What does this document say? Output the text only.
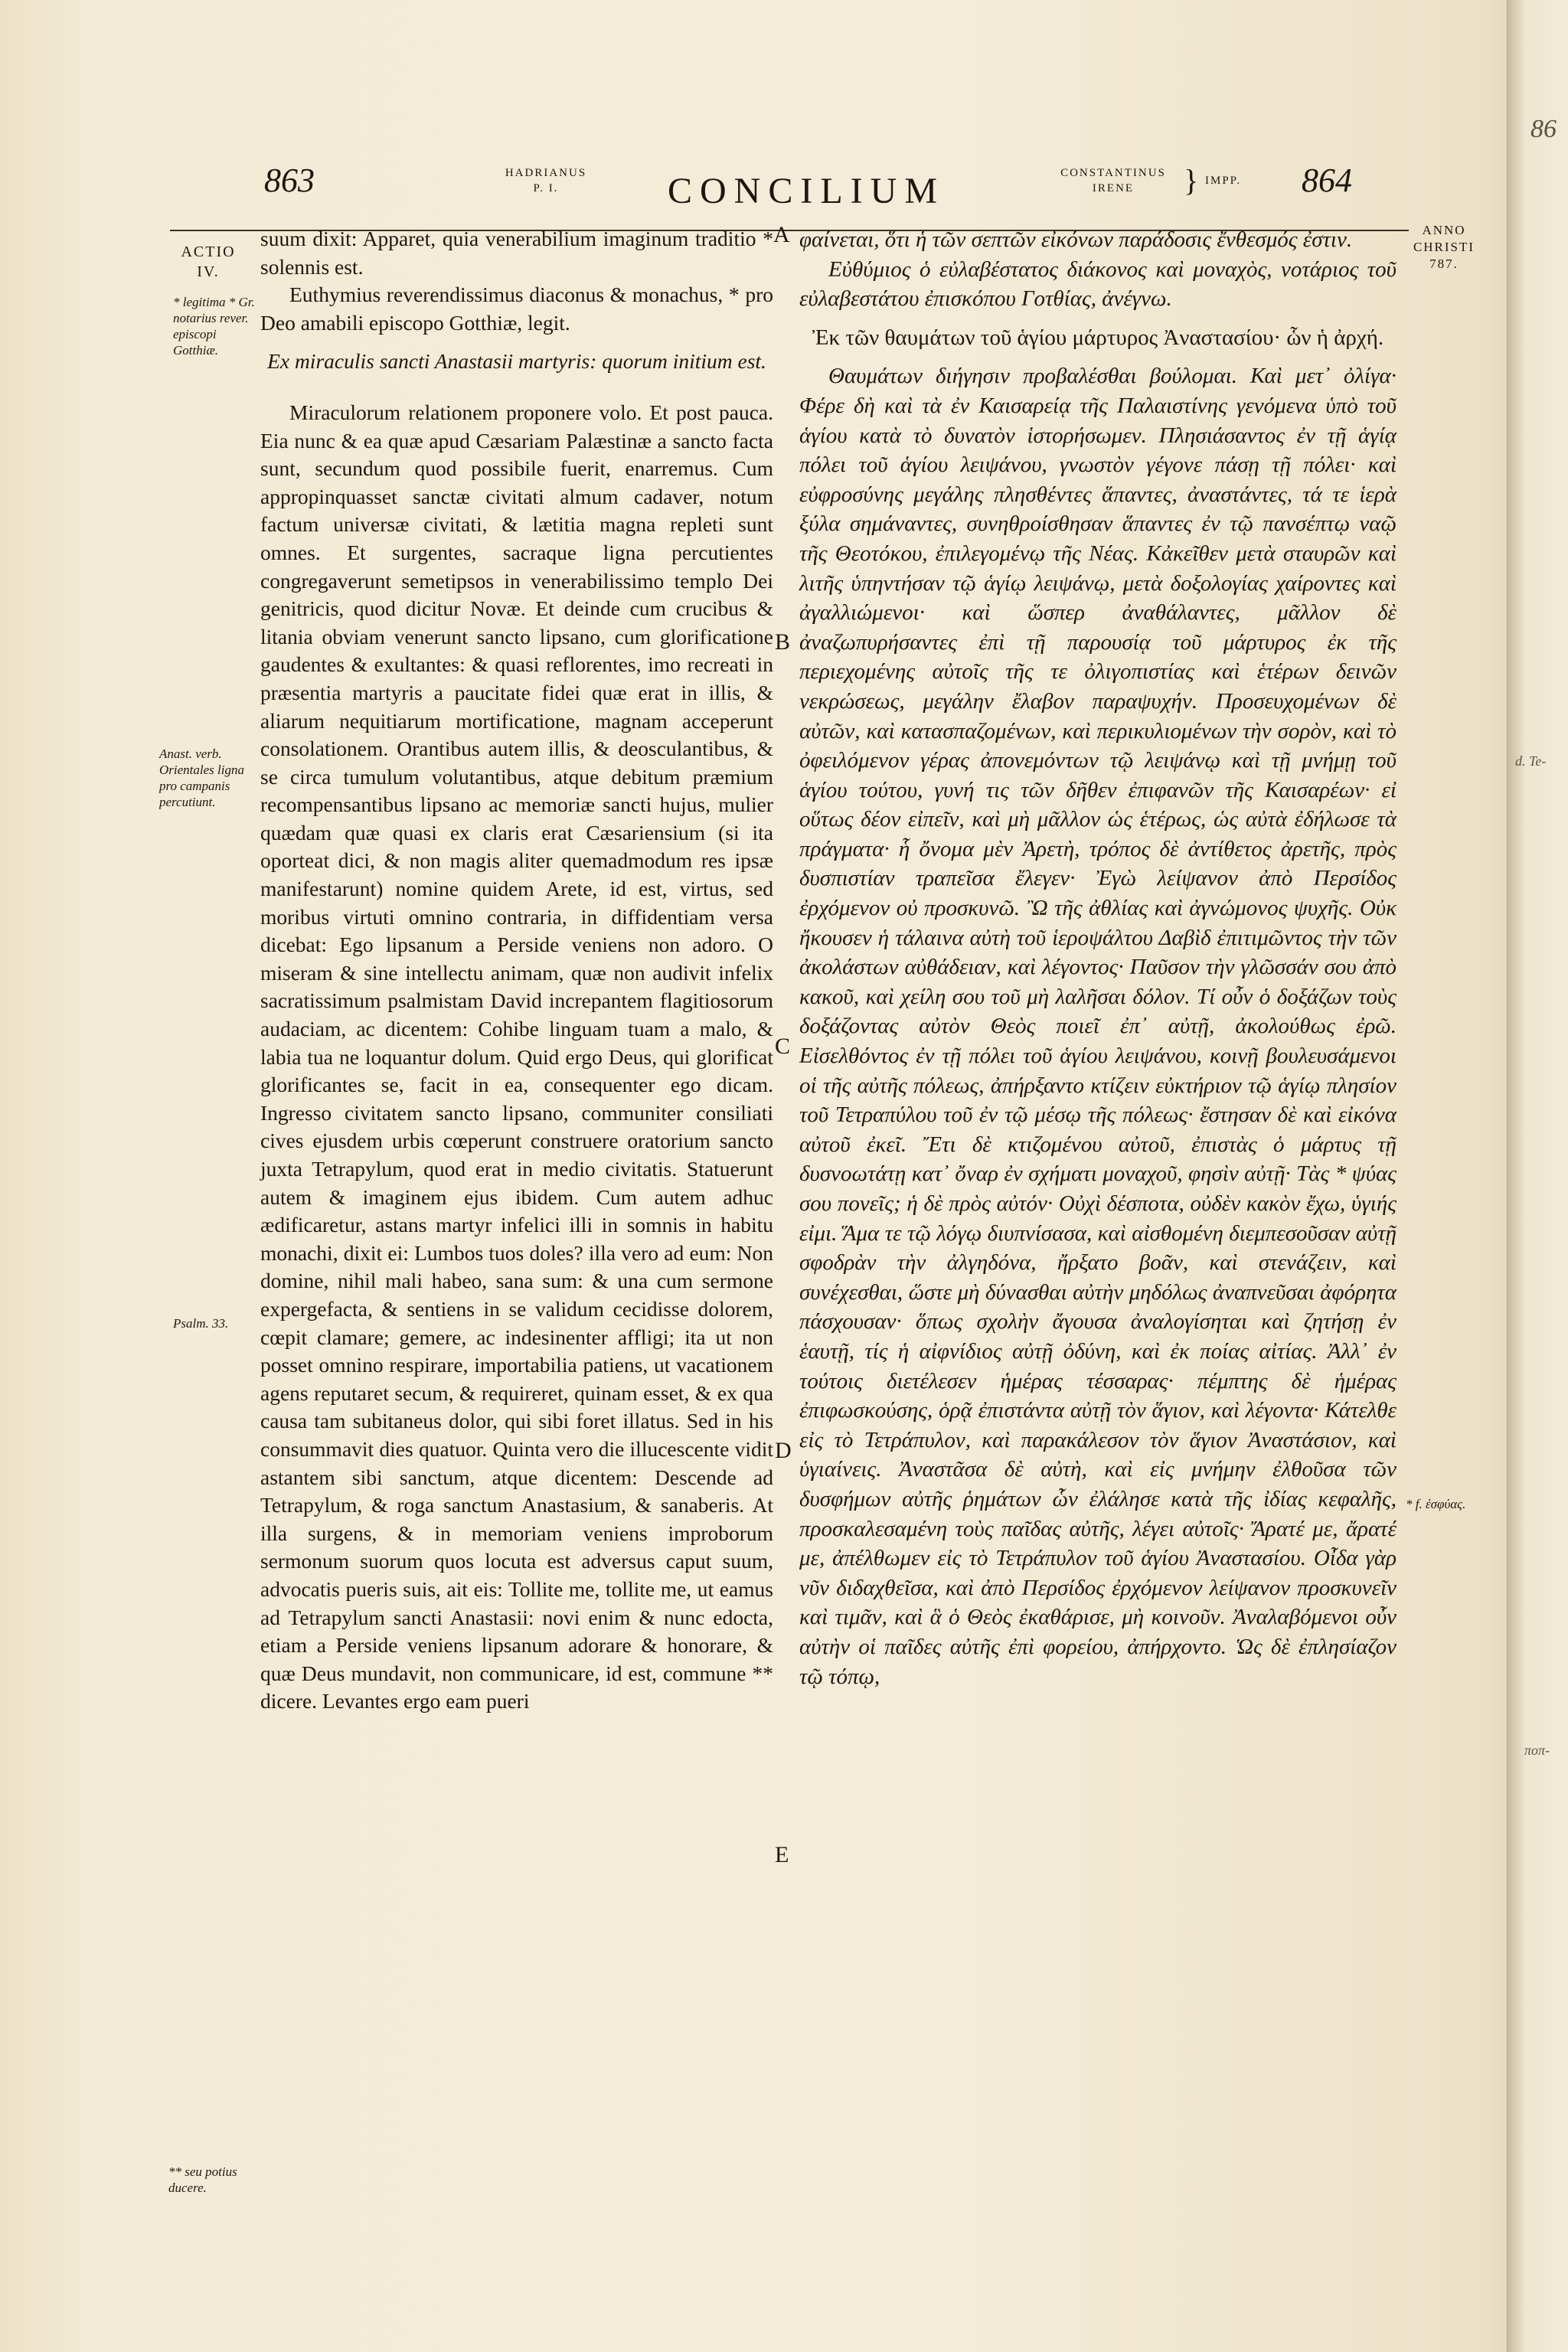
863	HADRIANUS
P. I.	CONCILIUM	CONSTANTINUS
IRENE	} IMPP. 864
ACTIO IV.
* legitima * Gr. notarius rever. episcopi Gotthiæ.
Anast. verb. Orientales ligna pro campanis percutiunt.
Psalm. 33.
** seu potius ducere.
A
B
C
D
E

suum dixit: Apparet, quia venerabilium imaginum traditio * solennis est.

Euthymius reverendissimus diaconus & monachus, * pro Deo amabili episcopo Gotthiæ, legit.

Ex miraculis sancti Anastasii martyris: quorum initium est.

Miraculorum relationem proponere volo. Et post pauca. Eia nunc & ea quæ apud Cæsariam Palæstinæ a sancto facta sunt, secundum quod possibile fuerit, enarremus. Cum appropinquasset sanctæ civitati almum cadaver, notum factum universæ civitati, & lætitia magna repleti sunt omnes. Et surgentes, sacraque ligna percutientes congregaverunt semetipsos in venerabilissimo templo Dei genitricis, quod dicitur Novæ. Et deinde cum crucibus & litania obviam venerunt sancto lipsano, cum glorificatione gaudentes & exultantes: & quasi reflorentes, imo recreati in præsentia martyris a paucitate fidei quæ erat in illis, & aliarum nequitiarum mortificatione, magnam acceperunt consolationem. Orantibus autem illis, & deosculantibus, & se circa tumulum volutantibus, atque debitum præmium recompensantibus lipsano ac memoriæ sancti hujus, mulier quædam quæ quasi ex claris erat Cæsariensium (si ita oporteat dici, & non magis aliter quemadmodum res ipsæ manifestarunt) nomine quidem Arete, id est, virtus, sed moribus virtuti omnino contraria, in diffidentiam versa dicebat: Ego lipsanum a Perside veniens non adoro. O miseram & sine intellectu animam, quæ non audivit infelix sacratissimum psalmistam David increpantem flagitiosorum audaciam, ac dicentem: Cohibe linguam tuam a malo, & labia tua ne loquantur dolum. Quid ergo Deus, qui glorificat glorificantes se, facit in ea, consequenter ego dicam. Ingresso civitatem sancto lipsano, communiter consiliati cives ejusdem urbis cœperunt construere oratorium sancto juxta Tetrapylum, quod erat in medio civitatis. Statuerunt autem & imaginem ejus ibidem. Cum autem adhuc ædificaretur, astans martyr infelici illi in somnis in habitu monachi, dixit ei: Lumbos tuos doles? illa vero ad eum: Non domine, nihil mali habeo, sana sum: & una cum sermone expergefacta, & sentiens in se validum cecidisse dolorem, cœpit clamare; gemere, ac indesinenter affligi; ita ut non posset omnino respirare, importabilia patiens, ut vacationem agens reputaret secum, & requireret, quinam esset, & ex qua causa tam subitaneus dolor, qui sibi foret illatus. Sed in his consummavit dies quatuor. Quinta vero die illucescente vidit astantem sibi sanctum, atque dicentem: Descende ad Tetrapylum, & roga sanctum Anastasium, & sanaberis. At illa surgens, & in memoriam veniens improborum sermonum suorum quos locuta est adversus caput suum, advocatis pueris suis, ait eis: Tollite me, tollite me, ut eamus ad Tetrapylum sancti Anastasii: novi enim & nunc edocta, etiam a Perside veniens lipsanum adorare & honorare, & quæ Deus mundavit, non communicare, id est, commune ** dicere. Levantes ergo eam pueri

φαίνεται, ὅτι ἡ τῶν σεπτῶν εἰκόνων παράδοσις ἔνθεσμός ἐστιν.

Εὐθύμιος ὁ εὐλαβέστατος διάκονος καὶ μοναχὸς, νοτάριος τοῦ εὐλαβεστάτου ἐπισκόπου Γοτθίας, ἀνέγνω.

Ἐκ τῶν θαυμάτων τοῦ ἁγίου μάρτυρος Ἀναστασίου· ὧν ἡ ἀρχή.

Θαυμάτων διήγησιν προβαλέσθαι βούλομαι. Καὶ μετ᾿ ὀλίγα· Φέρε δὴ καὶ τὰ ἐν Καισαρείᾳ τῆς Παλαιστίνης γενόμενα ὑπὸ τοῦ ἁγίου κατὰ τὸ δυνατὸν ἱστορήσωμεν. Πλησιάσαντος ἐν τῇ ἁγίᾳ πόλει τοῦ ἁγίου λειψάνου, γνωστὸν γέγονε πάσῃ τῇ πόλει· καὶ εὐφροσύνης μεγάλης πλησθέντες ἅπαντες, ἀναστάντες, τά τε ἱερὰ ξύλα σημάναντες, συνηθροίσθησαν ἅπαντες ἐν τῷ πανσέπτῳ ναῷ τῆς Θεοτόκου, ἐπιλεγομένῳ τῆς Νέας. Κἀκεῖθεν μετὰ σταυρῶν καὶ λιτῆς ὑπηντήσαν τῷ ἁγίῳ λειψάνῳ, μετὰ δοξολογίας χαίροντες καὶ ἀγαλλιώμενοι· καὶ ὥσπερ ἀναθάλαντες, μᾶλλον δὲ ἀναζωπυρήσαντες ἐπὶ τῇ παρουσίᾳ τοῦ μάρτυρος ἐκ τῆς περιεχομένης αὐτοῖς τῆς τε ὀλιγοπιστίας καὶ ἑτέρων δεινῶν νεκρώσεως, μεγάλην ἔλαβον παραψυχήν. Προσευχομένων δὲ αὐτῶν, καὶ κατασπαζομένων, καὶ περικυλιομένων τὴν σορὸν, καὶ τὸ ὀφειλόμενον γέρας ἀπονεμόντων τῷ λειψάνῳ καὶ τῇ μνήμῃ τοῦ ἁγίου τούτου, γυνή τις τῶν δῆθεν ἐπιφανῶν τῆς Καισαρέων· εἰ οὕτως δέον εἰπεῖν, καὶ μὴ μᾶλλον ὡς ἑτέρως, ὡς αὐτὰ ἐδήλωσε τὰ πράγματα· ἧ ὄνομα μὲν Ἀρετὴ, τρόπος δὲ ἀντίθετος ἀρετῆς, πρὸς δυσπιστίαν τραπεῖσα ἔλεγεν· Ἐγὼ λείψανον ἀπὸ Περσίδος ἐρχόμενον οὐ προσκυνῶ. Ὢ τῆς ἀθλίας καὶ ἀγνώμονος ψυχῆς. Οὐκ ἤκουσεν ἡ τάλαινα αὐτὴ τοῦ ἱεροψάλτου Δαβὶδ ἐπιτιμῶντος τὴν τῶν ἀκολάστων αὐθάδειαν, καὶ λέγοντος· Παῦσον τὴν γλῶσσάν σου ἀπὸ κακοῦ, καὶ χείλη σου τοῦ μὴ λαλῆσαι δόλον. Τί οὖν ὁ δοξάζων τοὺς δοξάζοντας αὐτὸν Θεὸς ποιεῖ ἐπ᾿ αὐτῇ, ἀκολούθως ἐρῶ. Εἰσελθόντος ἐν τῇ πόλει τοῦ ἁγίου λειψάνου, κοινῇ βουλευσάμενοι οἱ τῆς αὐτῆς πόλεως, ἀπήρξαντο κτίζειν εὐκτήριον τῷ ἁγίῳ πλησίον τοῦ Τετραπύλου τοῦ ἐν τῷ μέσῳ τῆς πόλεως· ἔστησαν δὲ καὶ εἰκόνα αὐτοῦ ἐκεῖ. Ἔτι δὲ κτιζομένου αὐτοῦ, ἐπιστὰς ὁ μάρτυς τῇ δυσνοωτάτῃ κατ᾿ ὄναρ ἐν σχήματι μοναχοῦ, φησὶν αὐτῇ· Τὰς * ψύας σου πονεῖς; ἡ δὲ πρὸς αὐτόν· Οὐχὶ δέσποτα, οὐδὲν κακὸν ἔχω, ὑγιής εἰμι. Ἅμα τε τῷ λόγῳ διυπνίσασα, καὶ αἰσθομένη διεμπεσοῦσαν αὐτῇ σφοδρὰν τὴν ἀλγηδόνα, ἤρξατο βοᾶν, καὶ στενάζειν, καὶ συνέχεσθαι, ὥστε μὴ δύνασθαι αὐτὴν μηδόλως ἀναπνεῦσαι ἀφόρητα πάσχουσαν· ὅπως σχολὴν ἄγουσα ἀναλογίσηται καὶ ζητήσῃ ἐν ἑαυτῇ, τίς ἡ αἰφνίδιος αὐτῇ ὀδύνη, καὶ ἐκ ποίας αἰτίας. Ἀλλ᾿ ἐν τούτοις διετέλεσεν ἡμέρας τέσσαρας· πέμπτης δὲ ἡμέρας ἐπιφωσκούσης, ὁρᾷ ἐπιστάντα αὐτῇ τὸν ἅγιον, καὶ λέγοντα· Κάτελθε εἰς τὸ Τετράπυλον, καὶ παρακάλεσον τὸν ἅγιον Ἀναστάσιον, καὶ ὑγιαίνεις. Ἀναστᾶσα δὲ αὐτὴ, καὶ εἰς μνήμην ἐλθοῦσα τῶν δυσφήμων αὐτῆς ῥημάτων ὧν ἐλάλησε κατὰ τῆς ἰδίας κεφαλῆς, προσκαλεσαμένη τοὺς παῖδας αὐτῆς, λέγει αὐτοῖς· Ἄρατέ με, ἄρατέ με, ἀπέλθωμεν εἰς τὸ Τετράπυλον τοῦ ἁγίου Ἀναστασίου. Οἶδα γὰρ νῦν διδαχθεῖσα, καὶ ἀπὸ Περσίδος ἐρχόμενον λείψανον προσκυνεῖν καὶ τιμᾶν, καὶ ἃ ὁ Θεὸς ἐκαθάρισε, μὴ κοινοῦν. Ἀναλαβόμενοι οὖν αὐτὴν οἱ παῖδες αὐτῆς ἐπὶ φορείου, ἀπήρχοντο. Ὡς δὲ ἐπλησίαζον τῷ τόπῳ,

ANNO CHRISTI 787.
* f. ἐσφύας.
86
d. Te-
ποπ-
